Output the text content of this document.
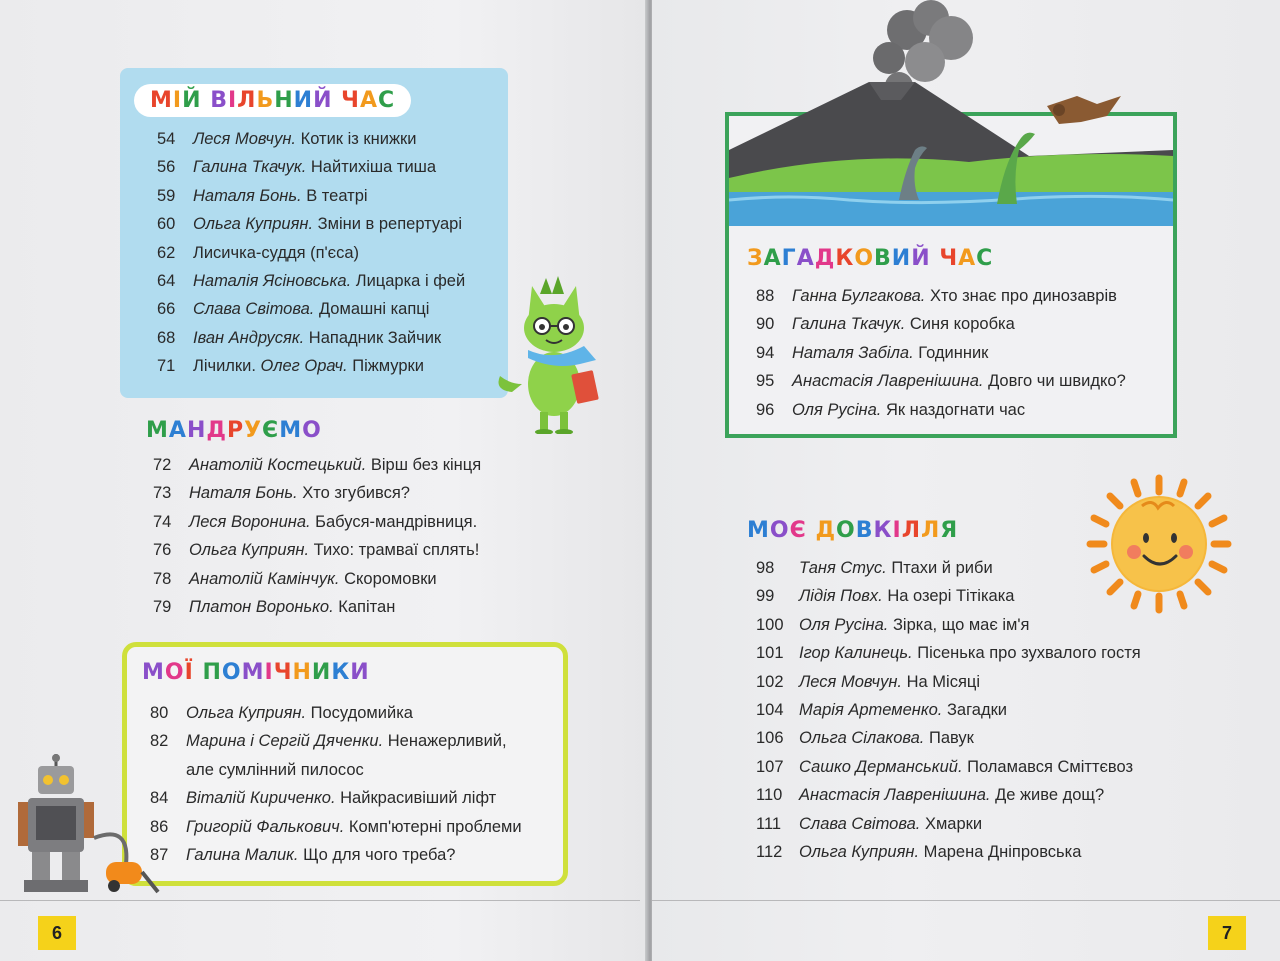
МІЙ ВІЛЬНИЙ ЧАС
54 Леся Мовчун. Котик із книжки
56 Галина Ткачук. Найтихіша тиша
59 Наталя Бонь. В театрі
60 Ольга Куприян. Зміни в репертуарі
62 Лисичка-суддя (п'єса)
64 Наталія Ясіновська. Лицарка і фей
66 Слава Світова. Домашні капці
68 Іван Андрусяк. Нападник Зайчик
71 Лічилки. Олег Орач. Піжмурки
МАНДРУЄМО
72 Анатолій Костецький. Вірш без кінця
73 Наталя Бонь. Хто згубився?
74 Леся Воронина. Бабуся-мандрівниця.
76 Ольга Куприян. Тихо: трамваї сплять!
78 Анатолій Камінчук. Скоромовки
79 Платон Воронько. Капітан
МОЇ ПОМІЧНИКИ
80 Ольга Куприян. Посудомийка
82 Марина і Сергій Дяченки. Ненажерливий,
але сумлінний пилосос
84 Віталій Кириченко. Найкрасивіший ліфт
86 Григорій Фалькович. Комп'ютерні проблеми
87 Галина Малик. Що для чого треба?
6
ЗАГАДКОВИЙ ЧАС
88 Ганна Булгакова. Хто знає про динозаврів
90 Галина Ткачук. Синя коробка
94 Наталя Забіла. Годинник
95 Анастасія Лавренішина. Довго чи швидко?
96 Оля Русіна. Як наздогнати час
МОЄ ДОВКІЛЛЯ
98 Таня Стус. Птахи й риби
99 Лідія Повх. На озері Тітікака
100 Оля Русіна. Зірка, що має ім'я
101 Ігор Калинець. Пісенька про зухвалого гостя
102 Леся Мовчун. На Місяці
104 Марія Артеменко. Загадки
106 Ольга Сілакова. Павук
107 Сашко Дерманський. Поламався Сміттєвоз
110 Анастасія Лавренішина. Де живе дощ?
111 Слава Світова. Хмарки
112 Ольга Куприян. Марена Дніпровська
7
